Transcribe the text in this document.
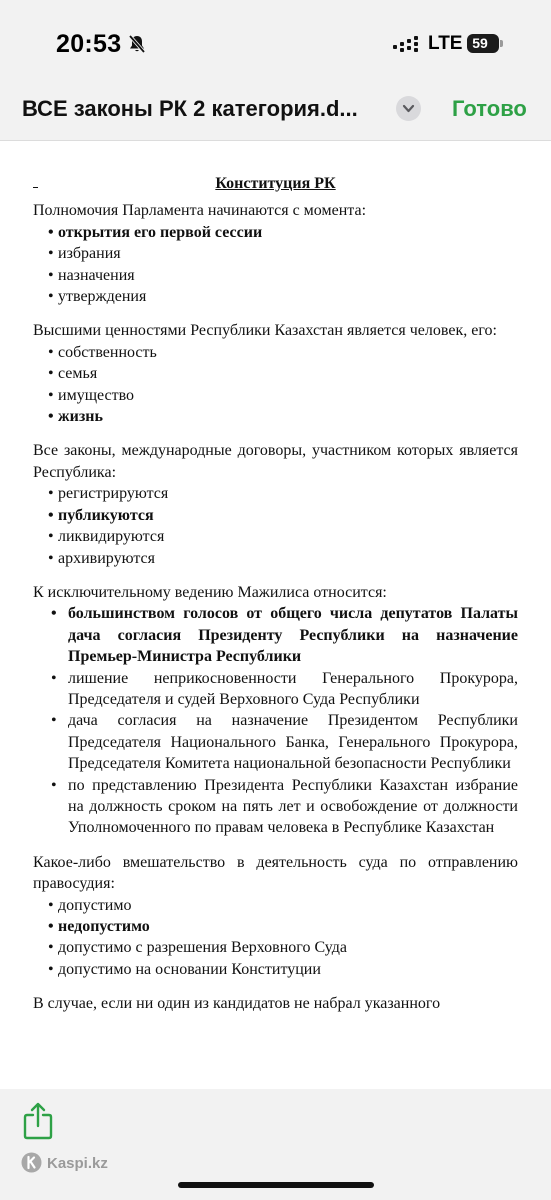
20:53	LTE 59
ВСЕ законы РК 2 категория.d...	Готово
Конституция РК

Полномочия Парламента начинаются с момента:

• открытия его первой сессии
• избрания
• назначения
• утверждения

Высшими ценностями Республики Казахстан является человек, его:

• собственность
• семья
• имущество
• жизнь

Все законы, международные договоры, участником которых является Республика:

• регистрируются
• публикуются
• ликвидируются
• архивируются

К исключительному ведению Мажилиса относится:

• большинством голосов от общего числа депутатов Палаты дача согласия Президенту Республики на назначение Премьер-Министра Республики
• лишение неприкосновенности Генерального Прокурора, Председателя и судей Верховного Суда Республики
• дача согласия на назначение Президентом Республики Председателя Национального Банка, Генерального Прокурора, Председателя Комитета национальной безопасности Республики
• по представлению Президента Республики Казахстан избрание на должность сроком на пять лет и освобождение от должности Уполномоченного по правам человека в Республике Казахстан

Какое-либо вмешательство в деятельность суда по отправлению правосудия:

• допустимо
• недопустимо
• допустимо с разрешения Верховного Суда
• допустимо на основании Конституции

В случае, если ни один из кандидатов не набрал указанного

Kaspi.kz
